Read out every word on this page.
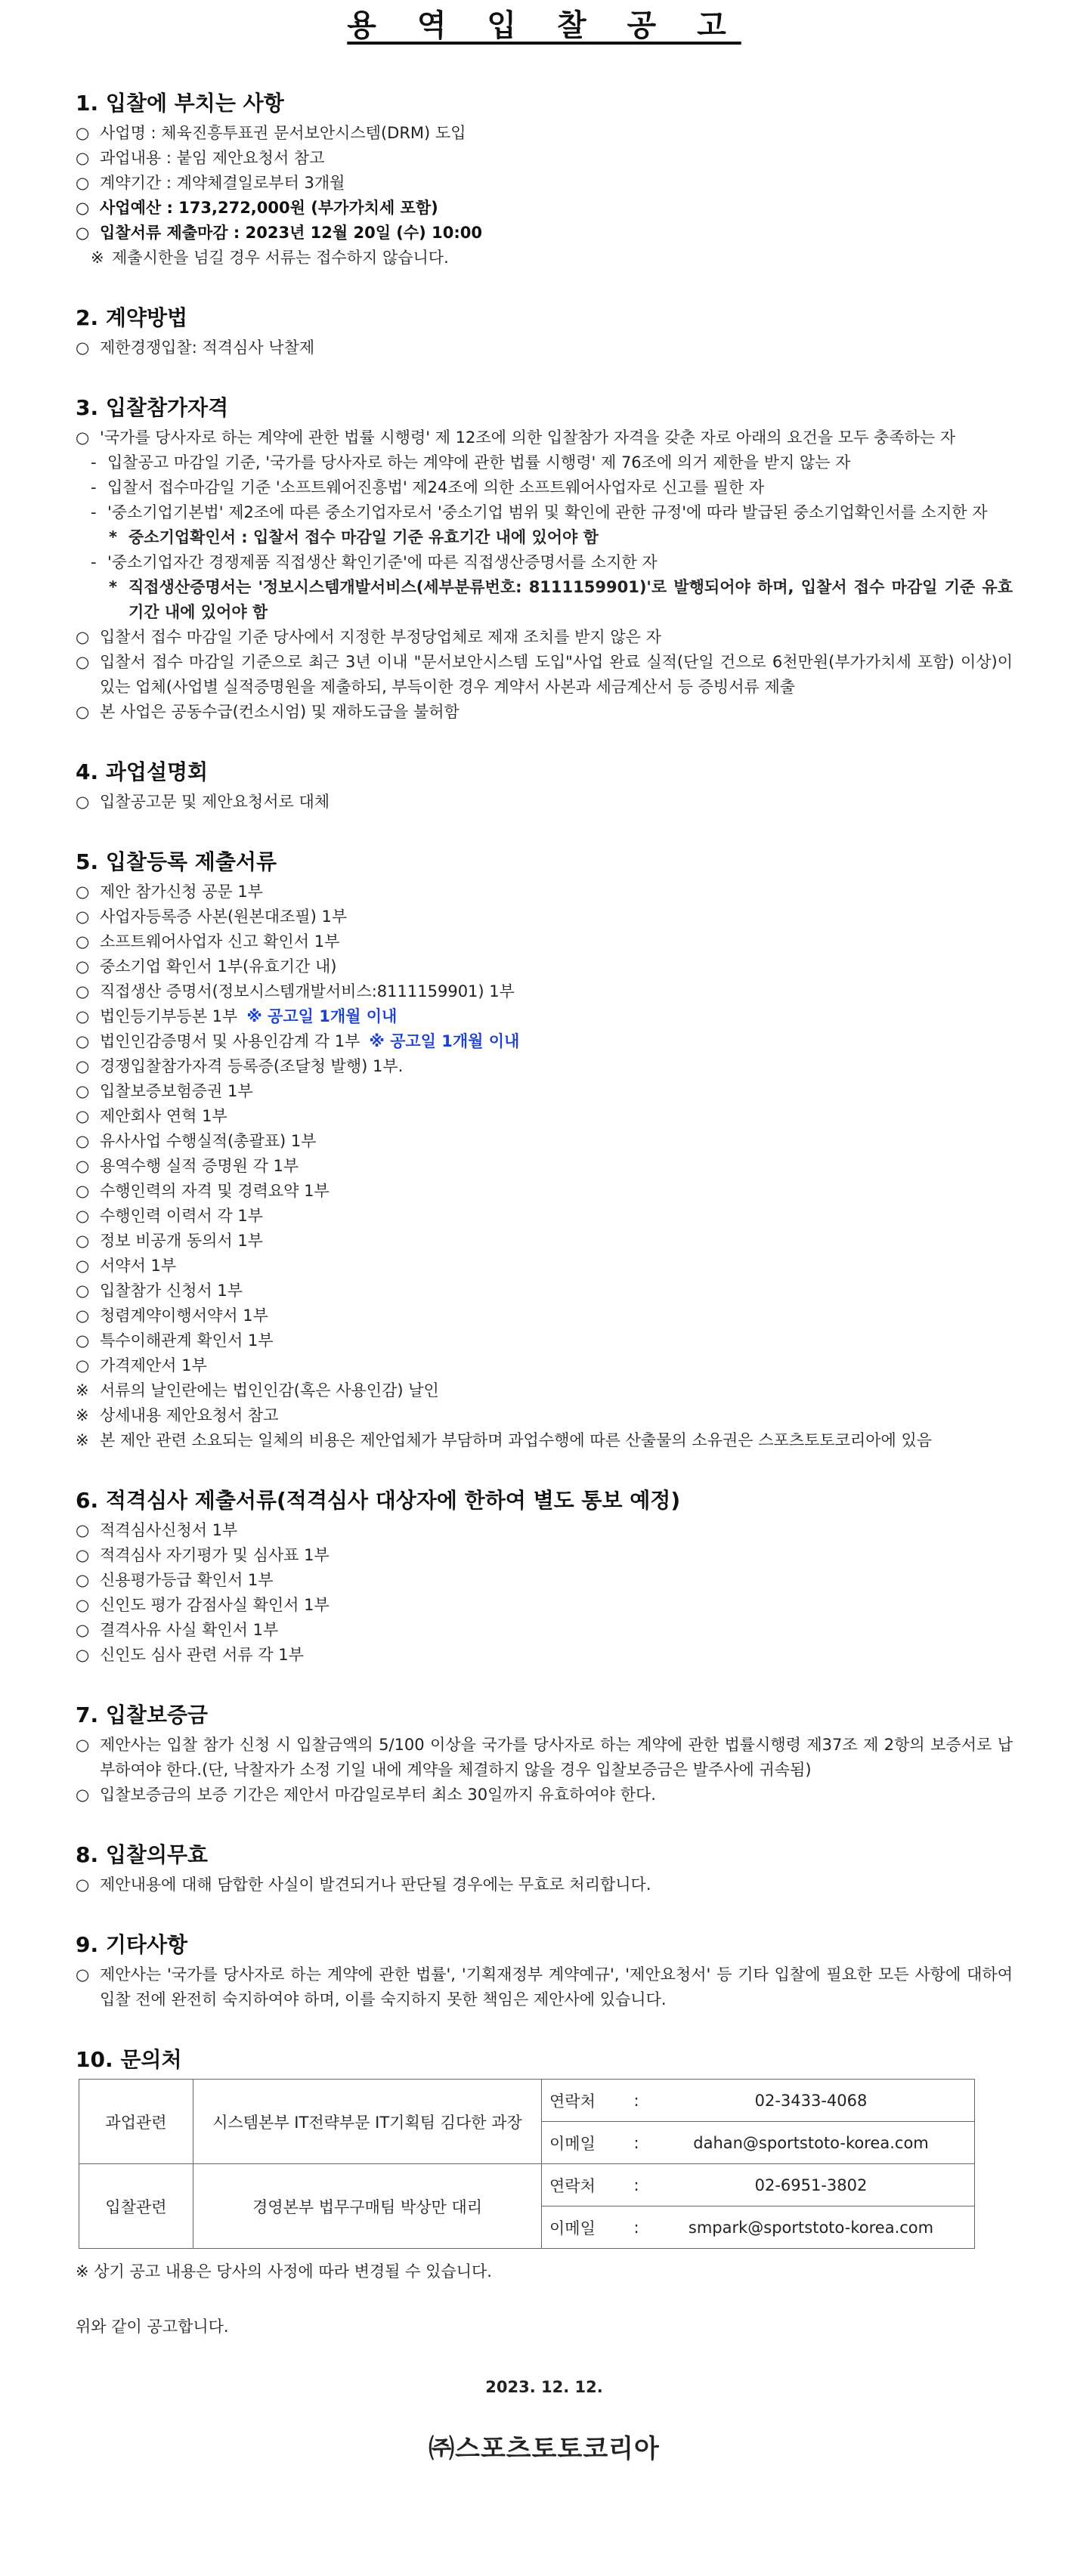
용 역 입 찰 공 고
1. 입찰에 부치는 사항
○ 사업명 : 체육진흥투표권 문서보안시스템(DRM) 도입
○ 과업내용 : 붙임 제안요청서 참고
○ 계약기간 : 계약체결일로부터 3개월
○ 사업예산 : 173,272,000원 (부가가치세 포함)
○ 입찰서류 제출마감 : 2023년 12월 20일 (수) 10:00
※ 제출시한을 넘길 경우 서류는 접수하지 않습니다.
2. 계약방법
○ 제한경쟁입찰: 적격심사 낙찰제
3. 입찰참가자격
○ '국가를 당사자로 하는 계약에 관한 법률 시행령' 제 12조에 의한 입찰참가 자격을 갖춘 자로 아래의 요건을 모두 충족하는 자
- 입찰공고 마감일 기준, '국가를 당사자로 하는 계약에 관한 법률 시행령' 제 76조에 의거 제한을 받지 않는 자
- 입찰서 접수마감일 기준 '소프트웨어진흥법' 제24조에 의한 소프트웨어사업자로 신고를 필한 자
- '중소기업기본법' 제2조에 따른 중소기업자로서 '중소기업 범위 및 확인에 관한 규정'에 따라 발급된 중소기업확인서를 소지한 자
* 중소기업확인서 : 입찰서 접수 마감일 기준 유효기간 내에 있어야 함
- '중소기업자간 경쟁제품 직접생산 확인기준'에 따른 직접생산증명서를 소지한 자
* 직접생산증명서는 '정보시스템개발서비스(세부분류번호: 8111159901)'로 발행되어야 하며, 입찰서 접수 마감일 기준 유효기간 내에 있어야 함
○ 입찰서 접수 마감일 기준 당사에서 지정한 부정당업체로 제재 조치를 받지 않은 자
○ 입찰서 접수 마감일 기준으로 최근 3년 이내 "문서보안시스템 도입"사업 완료 실적(단일 건으로 6천만원(부가가치세 포함) 이상)이 있는 업체(사업별 실적증명원을 제출하되, 부득이한 경우 계약서 사본과 세금계산서 등 증빙서류 제출
○ 본 사업은 공동수급(컨소시엄) 및 재하도급을 불허함
4. 과업설명회
○ 입찰공고문 및 제안요청서로 대체
5. 입찰등록 제출서류
○ 제안 참가신청 공문 1부
○ 사업자등록증 사본(원본대조필) 1부
○ 소프트웨어사업자 신고 확인서 1부
○ 중소기업 확인서 1부(유효기간 내)
○ 직접생산 증명서(정보시스템개발서비스:8111159901) 1부
○ 법인등기부등본 1부 ※ 공고일 1개월 이내
○ 법인인감증명서 및 사용인감계 각 1부 ※ 공고일 1개월 이내
○ 경쟁입찰참가자격 등록증(조달청 발행) 1부.
○ 입찰보증보험증권 1부
○ 제안회사 연혁 1부
○ 유사사업 수행실적(총괄표) 1부
○ 용역수행 실적 증명원 각 1부
○ 수행인력의 자격 및 경력요약 1부
○ 수행인력 이력서 각 1부
○ 정보 비공개 동의서 1부
○ 서약서 1부
○ 입찰참가 신청서 1부
○ 청렴계약이행서약서 1부
○ 특수이해관계 확인서 1부
○ 가격제안서 1부
※ 서류의 날인란에는 법인인감(혹은 사용인감) 날인
※ 상세내용 제안요청서 참고
※ 본 제안 관련 소요되는 일체의 비용은 제안업체가 부담하며 과업수행에 따른 산출물의 소유권은 스포츠토토코리아에 있음
6. 적격심사 제출서류(적격심사 대상자에 한하여 별도 통보 예정)
○ 적격심사신청서 1부
○ 적격심사 자기평가 및 심사표 1부
○ 신용평가등급 확인서 1부
○ 신인도 평가 감점사실 확인서 1부
○ 결격사유 사실 확인서 1부
○ 신인도 심사 관련 서류 각 1부
7. 입찰보증금
○ 제안사는 입찰 참가 신청 시 입찰금액의 5/100 이상을 국가를 당사자로 하는 계약에 관한 법률시행령 제37조 제 2항의 보증서로 납부하여야 한다.(단, 낙찰자가 소정 기일 내에 계약을 체결하지 않을 경우 입찰보증금은 발주사에 귀속됨)
○ 입찰보증금의 보증 기간은 제안서 마감일로부터 최소 30일까지 유효하여야 한다.
8. 입찰의무효
○ 제안내용에 대해 담합한 사실이 발견되거나 판단될 경우에는 무효로 처리합니다.
9. 기타사항
○ 제안사는 '국가를 당사자로 하는 계약에 관한 법률', '기획재정부 계약예규', '제안요청서' 등 기타 입찰에 필요한 모든 사항에 대하여 입찰 전에 완전히 숙지하여야 하며, 이를 숙지하지 못한 책임은 제안사에 있습니다.
10. 문의처
과업관련	시스템본부 IT전략부문 IT기획팀 김다한 과장	연락처	:	02-3433-4068
		이메일	:	dahan@sportstoto-korea.com
입찰관련	경영본부 법무구매팀 박상만 대리	연락처	:	02-6951-3802
		이메일	:	smpark@sportstoto-korea.com
※ 상기 공고 내용은 당사의 사정에 따라 변경될 수 있습니다.
위와 같이 공고합니다.
2023. 12. 12.
㈜스포츠토토코리아
